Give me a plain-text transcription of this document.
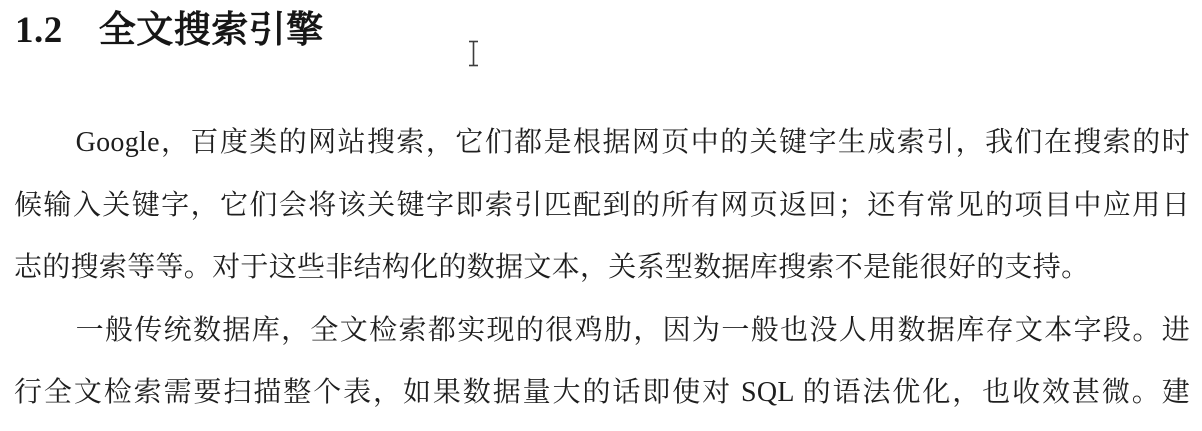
1.2 全文搜索引擎
Google，百度类的网站搜索，它们都是根据网页中的关键字生成索引，我们在搜索的时
候输入关键字，它们会将该关键字即索引匹配到的所有网页返回；还有常见的项目中应用日
志的搜索等等。对于这些非结构化的数据文本，关系型数据库搜索不是能很好的支持。
一般传统数据库，全文检索都实现的很鸡肋，因为一般也没人用数据库存文本字段。进
行全文检索需要扫描整个表，如果数据量大的话即使对 SQL 的语法优化，也收效甚微。建
